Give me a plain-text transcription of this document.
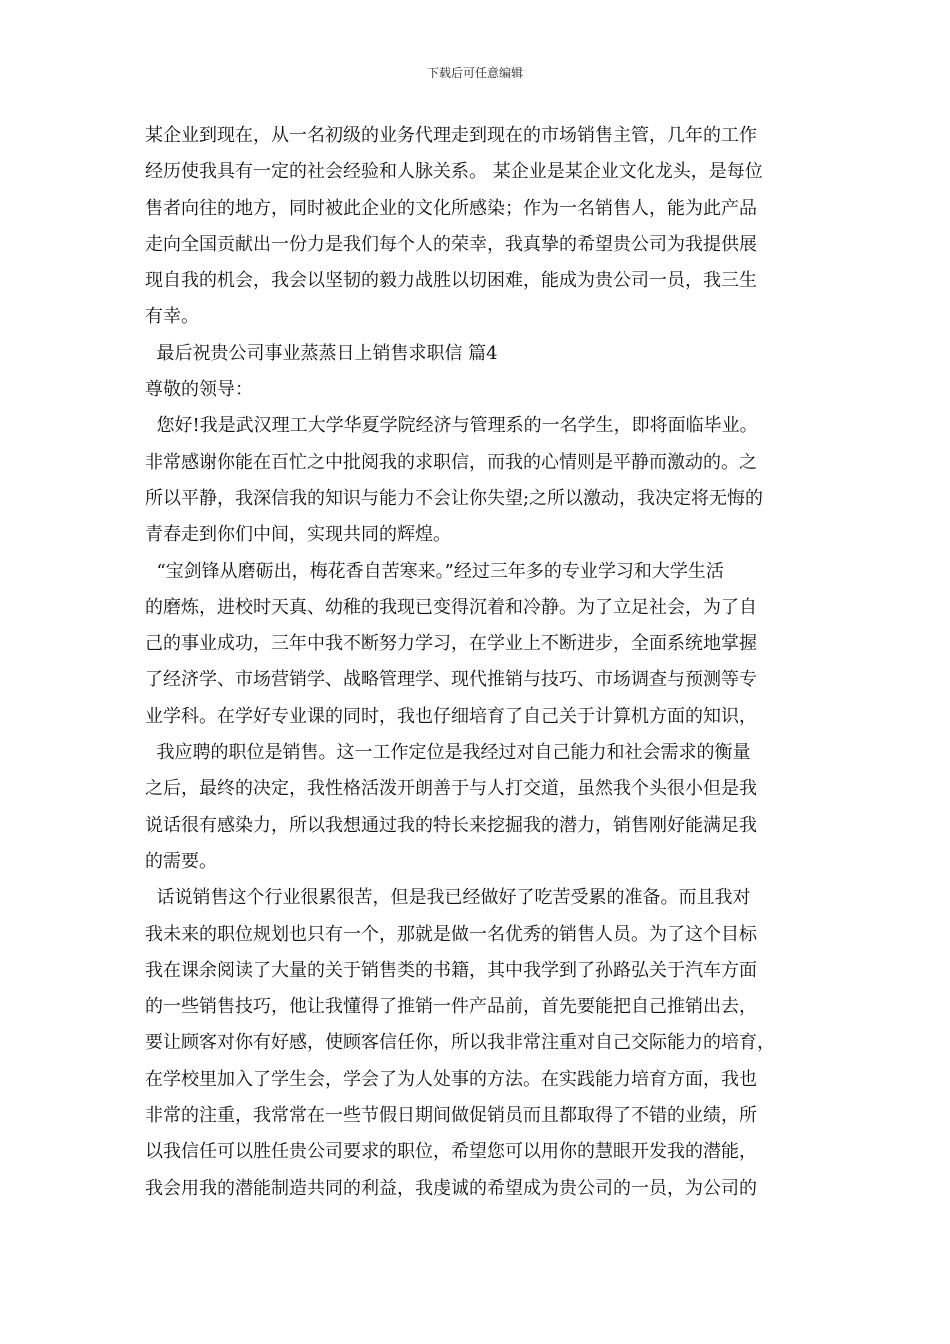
下载后可任意编辑
某企业到现在，从一名初级的业务代理走到现在的市场销售主管，几年的工作
经历使我具有一定的社会经验和人脉关系。 某企业是某企业文化龙头，是每位
售者向往的地方，同时被此企业的文化所感染；作为一名销售人，能为此产品
走向全国贡献出一份力是我们每个人的荣幸，我真挚的希望贵公司为我提供展
现自我的机会，我会以坚韧的毅力战胜以切困难，能成为贵公司一员，我三生
有幸。
最后祝贵公司事业蒸蒸日上销售求职信 篇4
尊敬的领导：
您好!我是武汉理工大学华夏学院经济与管理系的一名学生，即将面临毕业。
非常感谢你能在百忙之中批阅我的求职信，而我的心情则是平静而激动的。之
所以平静，我深信我的知识与能力不会让你失望;之所以激动，我决定将无悔的
青春走到你们中间，实现共同的辉煌。
“宝剑锋从磨砺出，梅花香自苦寒来。”经过三年多的专业学习和大学生活
的磨炼，进校时天真、幼稚的我现已变得沉着和冷静。为了立足社会，为了自
己的事业成功，三年中我不断努力学习，在学业上不断进步，全面系统地掌握
了经济学、市场营销学、战略管理学、现代推销与技巧、市场调查与预测等专
业学科。在学好专业课的同时，我也仔细培育了自己关于计算机方面的知识，
我应聘的职位是销售。这一工作定位是我经过对自己能力和社会需求的衡量
之后，最终的决定，我性格活泼开朗善于与人打交道，虽然我个头很小但是我
说话很有感染力，所以我想通过我的特长来挖掘我的潜力，销售刚好能满足我
的需要。
话说销售这个行业很累很苦，但是我已经做好了吃苦受累的准备。而且我对
我未来的职位规划也只有一个，那就是做一名优秀的销售人员。为了这个目标
我在课余阅读了大量的关于销售类的书籍，其中我学到了孙路弘关于汽车方面
的一些销售技巧，他让我懂得了推销一件产品前，首先要能把自己推销出去，
要让顾客对你有好感，使顾客信任你，所以我非常注重对自己交际能力的培育，
在学校里加入了学生会，学会了为人处事的方法。在实践能力培育方面，我也
非常的注重，我常常在一些节假日期间做促销员而且都取得了不错的业绩，所
以我信任可以胜任贵公司要求的职位，希望您可以用你的慧眼开发我的潜能，
我会用我的潜能制造共同的利益，我虔诚的希望成为贵公司的一员，为公司的
